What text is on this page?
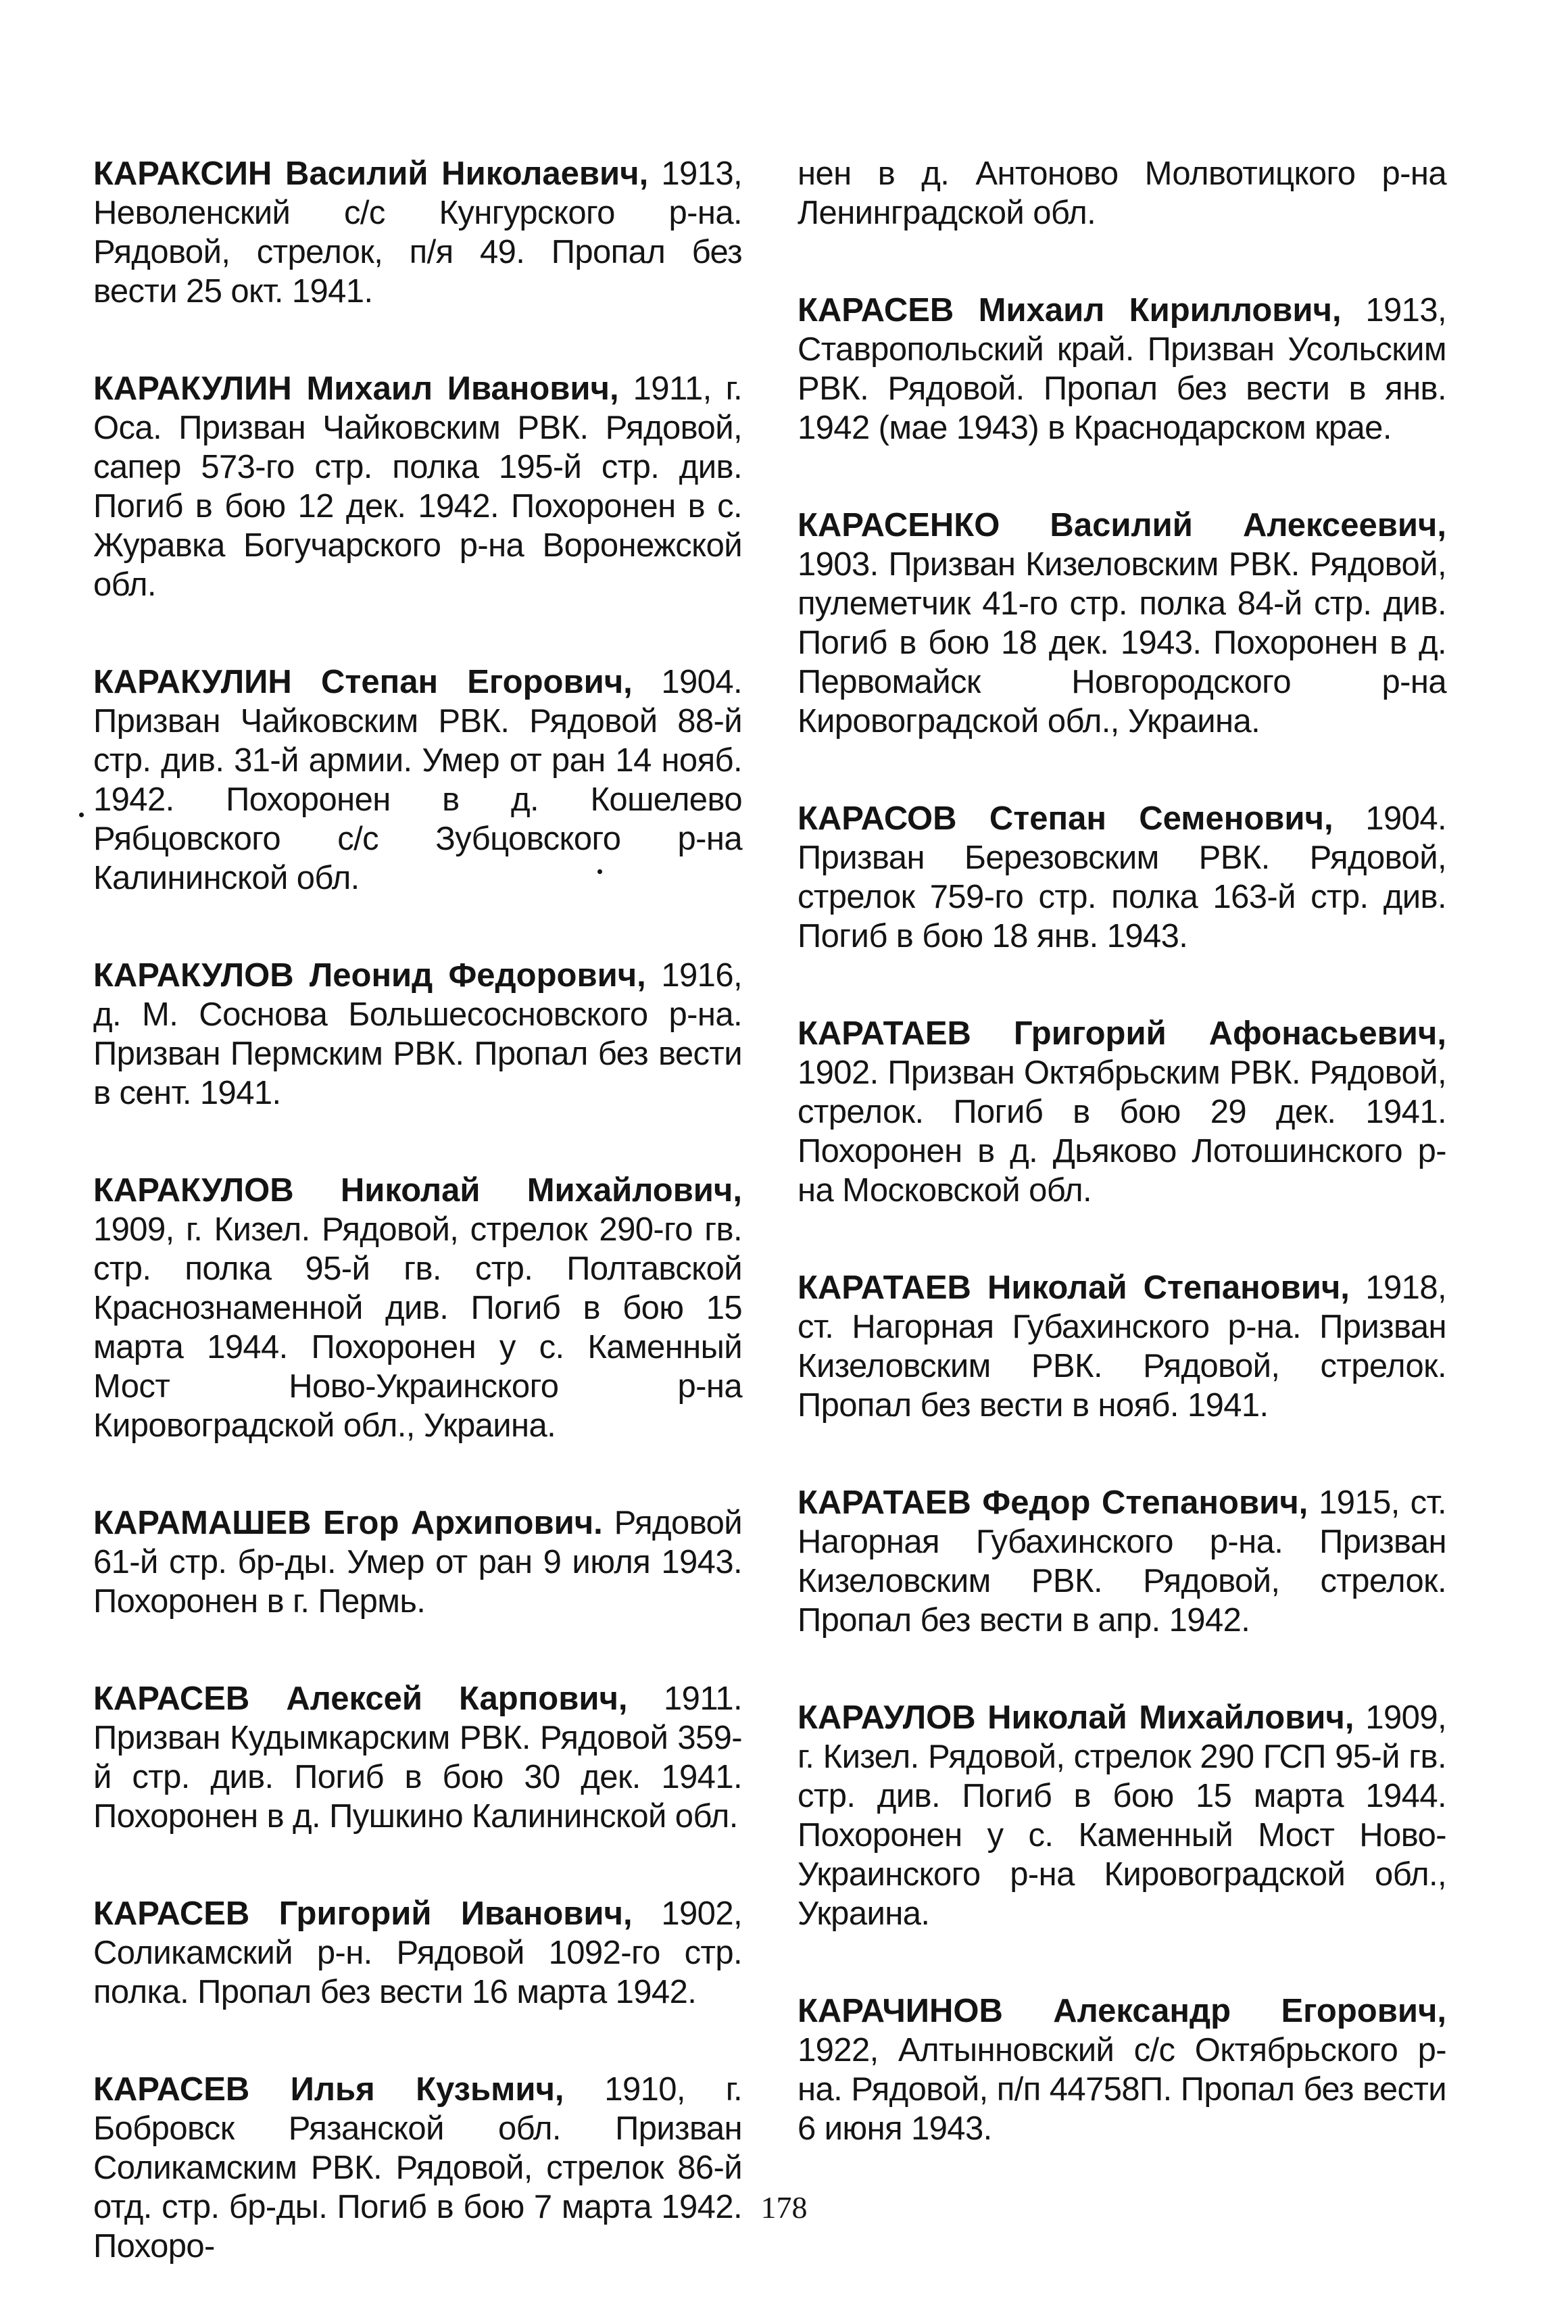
КАРАКСИН Василий Николаевич, 1913, Неволенский с/с Кунгурского р-на. Рядовой, стрелок, п/я 49. Пропал без вести 25 окт. 1941.

КАРАКУЛИН Михаил Иванович, 1911, г. Оса. Призван Чайковским РВК. Рядовой, сапер 573-го стр. полка 195-й стр. див. Погиб в бою 12 дек. 1942. Похоронен в с. Журавка Богучарского р-на Воронежской обл.

КАРАКУЛИН Степан Егорович, 1904. Призван Чайковским РВК. Рядовой 88-й стр. див. 31-й армии. Умер от ран 14 нояб. 1942. Похоронен в д. Кошелево Рябцовского с/с Зубцовского р-на Калининской обл.

КАРАКУЛОВ Леонид Федорович, 1916, д. М. Соснова Большесосновского р-на. Призван Пермским РВК. Пропал без вести в сент. 1941.

КАРАКУЛОВ Николай Михайлович, 1909, г. Кизел. Рядовой, стрелок 290-го гв. стр. полка 95-й гв. стр. Полтавской Краснознаменной див. Погиб в бою 15 марта 1944. Похоронен у с. Каменный Мост Ново-Украинского р-на Кировоградской обл., Украина.

КАРАМАШЕВ Егор Архипович. Рядовой 61-й стр. бр-ды. Умер от ран 9 июля 1943. Похоронен в г. Пермь.

КАРАСЕВ Алексей Карпович, 1911. Призван Кудымкарским РВК. Рядовой 359-й стр. див. Погиб в бою 30 дек. 1941. Похоронен в д. Пушкино Калининской обл.

КАРАСЕВ Григорий Иванович, 1902, Соликамский р-н. Рядовой 1092-го стр. полка. Пропал без вести 16 марта 1942.

КАРАСЕВ Илья Кузьмич, 1910, г. Бобровск Рязанской обл. Призван Соликамским РВК. Рядовой, стрелок 86-й отд. стр. бр-ды. Погиб в бою 7 марта 1942. Похоро-

нен в д. Антоново Молвотицкого р-на Ленинградской обл.

КАРАСЕВ Михаил Кириллович, 1913, Ставропольский край. Призван Усольским РВК. Рядовой. Пропал без вести в янв. 1942 (мае 1943) в Краснодарском крае.

КАРАСЕНКО Василий Алексеевич, 1903. Призван Кизеловским РВК. Рядовой, пулеметчик 41-го стр. полка 84-й стр. див. Погиб в бою 18 дек. 1943. Похоронен в д. Первомайск Новгородского р-на Кировоградской обл., Украина.

КАРАСОВ Степан Семенович, 1904. Призван Березовским РВК. Рядовой, стрелок 759-го стр. полка 163-й стр. див. Погиб в бою 18 янв. 1943.

КАРАТАЕВ Григорий Афонасьевич, 1902. Призван Октябрьским РВК. Рядовой, стрелок. Погиб в бою 29 дек. 1941. Похоронен в д. Дьяково Лотошинского р-на Московской обл.

КАРАТАЕВ Николай Степанович, 1918, ст. Нагорная Губахинского р-на. Призван Кизеловским РВК. Рядовой, стрелок. Пропал без вести в нояб. 1941.

КАРАТАЕВ Федор Степанович, 1915, ст. Нагорная Губахинского р-на. Призван Кизеловским РВК. Рядовой, стрелок. Пропал без вести в апр. 1942.

КАРАУЛОВ Николай Михайлович, 1909, г. Кизел. Рядовой, стрелок 290 ГСП 95-й гв. стр. див. Погиб в бою 15 марта 1944. Похоронен у с. Каменный Мост Ново-Украинского р-на Кировоградской обл., Украина.

КАРАЧИНОВ Александр Егорович, 1922, Алтынновский с/с Октябрьского р-на. Рядовой, п/п 44758П. Пропал без вести 6 июня 1943.

178
